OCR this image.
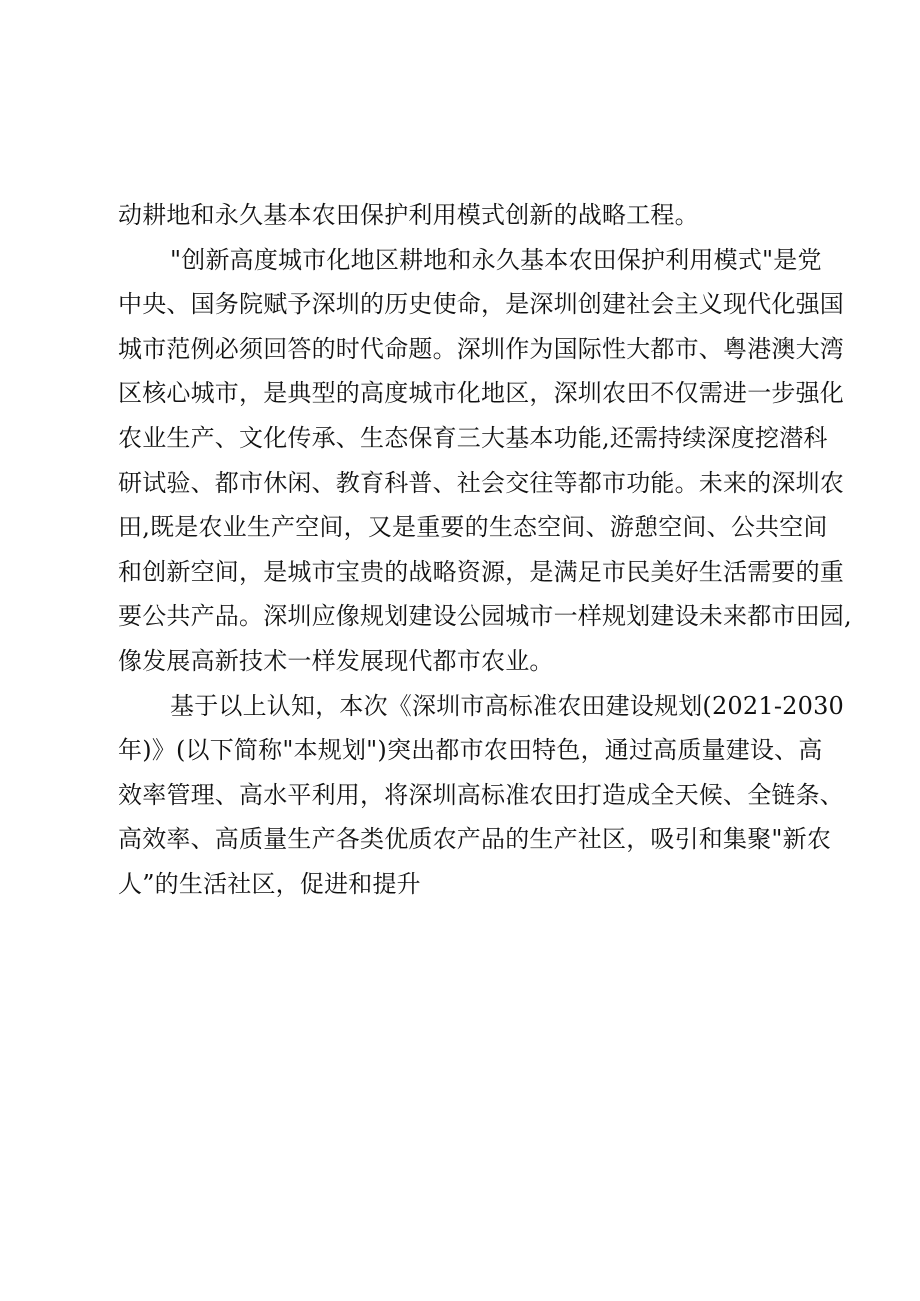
动耕地和永久基本农田保护利用模式创新的战略工程。
"创新高度城市化地区耕地和永久基本农田保护利用模式"是党
中央、国务院赋予深圳的历史使命，是深圳创建社会主义现代化强国
城市范例必须回答的时代命题。深圳作为国际性大都市、粤港澳大湾
区核心城市，是典型的高度城市化地区，深圳农田不仅需进一步强化
农业生产、文化传承、生态保育三大基本功能,还需持续深度挖潜科
研试验、都市休闲、教育科普、社会交往等都市功能。未来的深圳农
田,既是农业生产空间，又是重要的生态空间、游憩空间、公共空间
和创新空间，是城市宝贵的战略资源，是满足市民美好生活需要的重
要公共产品。深圳应像规划建设公园城市一样规划建设未来都市田园,
像发展高新技术一样发展现代都市农业。
基于以上认知，本次《深圳市高标准农田建设规划(2021-2030
年)》(以下简称"本规划")突出都市农田特色，通过高质量建设、高
效率管理、高水平利用，将深圳高标准农田打造成全天候、全链条、
高效率、高质量生产各类优质农产品的生产社区，吸引和集聚"新农
人”的生活社区，促进和提升
